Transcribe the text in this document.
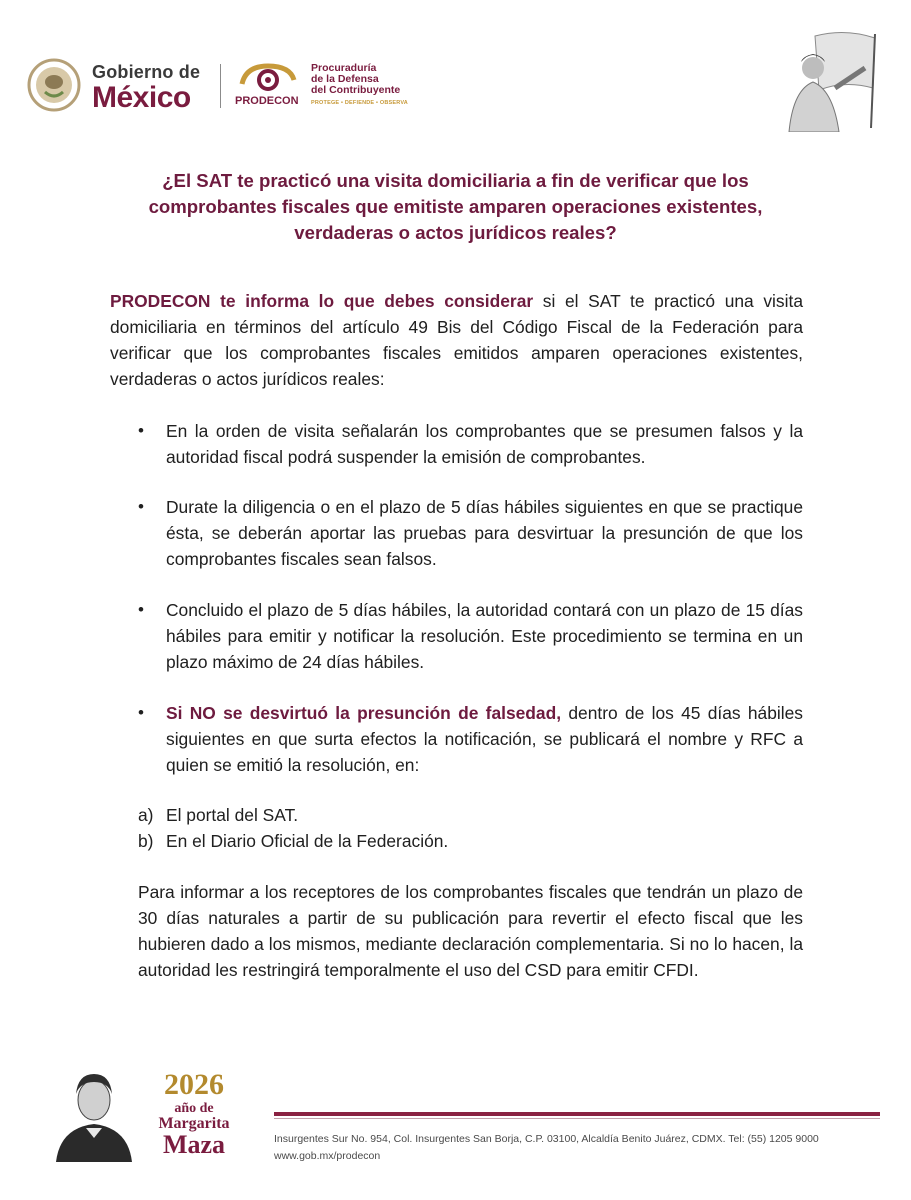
Gobierno de
México	PRODECON
Procuraduría
de la Defensa
del Contribuyente
PROTEGE • DEFIENDE • OBSERVA
¿El SAT te practicó una visita domiciliaria a fin de verificar que los comprobantes fiscales que emitiste amparen operaciones existentes, verdaderas o actos jurídicos reales?
PRODECON te informa lo que debes considerar si el SAT te practicó una visita domiciliaria en términos del artículo 49 Bis del Código Fiscal de la Federación para verificar que los comprobantes fiscales emitidos amparen operaciones existentes, verdaderas o actos jurídicos reales:
• En la orden de visita señalarán los comprobantes que se presumen falsos y la autoridad fiscal podrá suspender la emisión de comprobantes.
• Durate la diligencia o en el plazo de 5 días hábiles siguientes en que se practique ésta, se deberán aportar las pruebas para desvirtuar la presunción de que los comprobantes fiscales sean falsos.
• Concluido el plazo de 5 días hábiles, la autoridad contará con un plazo de 15 días hábiles para emitir y notificar la resolución. Este procedimiento se termina en un plazo máximo de 24 días hábiles.
• Si NO se desvirtuó la presunción de falsedad, dentro de los 45 días hábiles siguientes en que surta efectos la notificación, se publicará el nombre y RFC a quien se emitió la resolución, en:
a) El portal del SAT.
b) En el Diario Oficial de la Federación.
Para informar a los receptores de los comprobantes fiscales que tendrán un plazo de 30 días naturales a partir de su publicación para revertir el efecto fiscal que les hubieren dado a los mismos, mediante declaración complementaria. Si no lo hacen, la autoridad les restringirá temporalmente el uso del CSD para emitir CFDI.
2026
año de
Margarita
Maza	Insurgentes Sur No. 954, Col. Insurgentes San Borja, C.P. 03100, Alcaldía Benito Juárez, CDMX. Tel: (55) 1205 9000
www.gob.mx/prodecon
